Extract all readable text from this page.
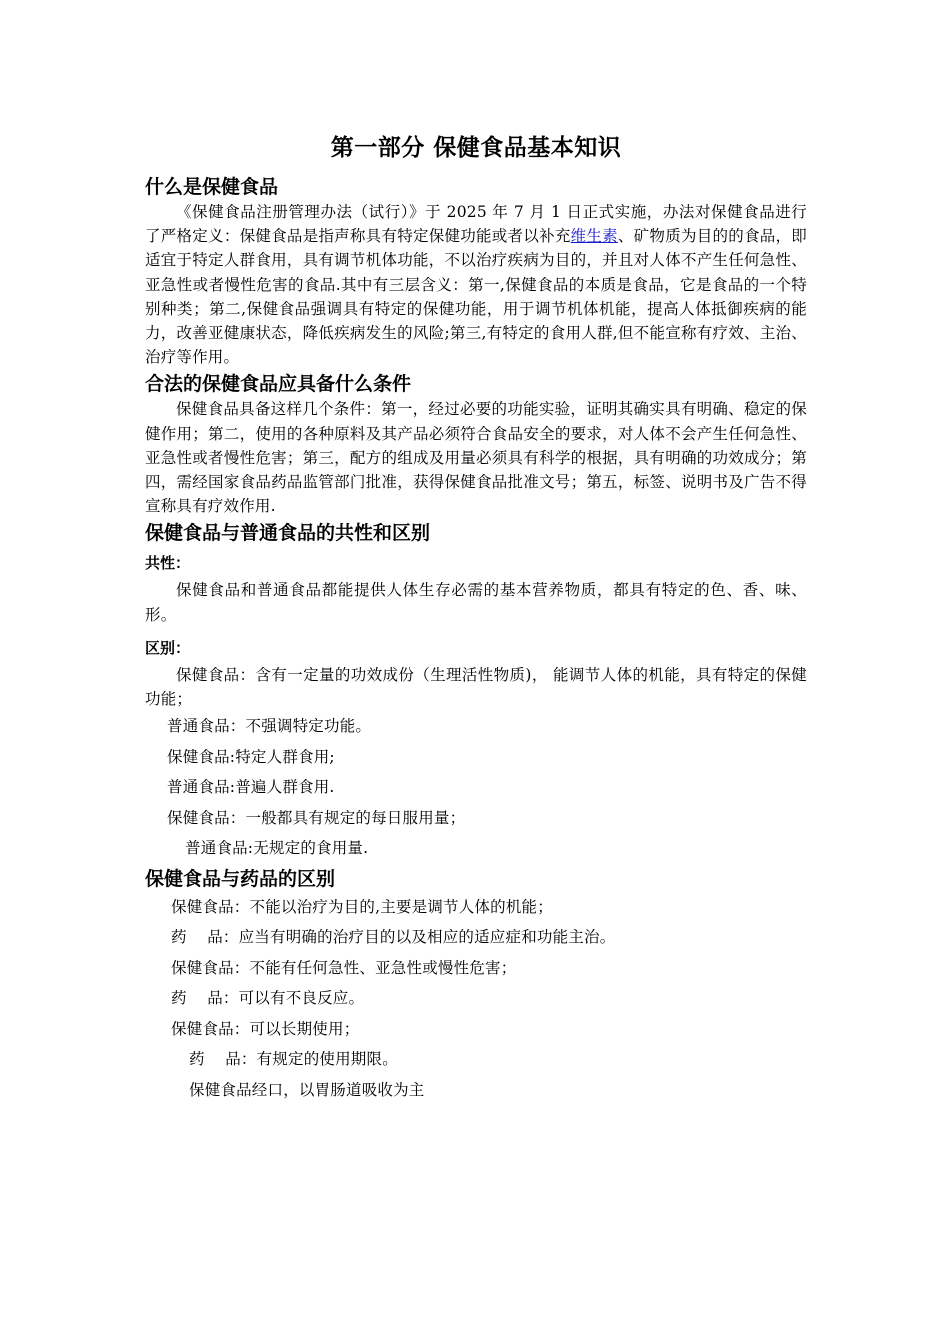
第一部分 保健食品基本知识
什么是保健食品

《保健食品注册管理办法（试行）》于 2025 年 7 月 1 日正式实施，办法对保健食品进行了严格定义：保健食品是指声称具有特定保健功能或者以补充维生素、矿物质为目的的食品，即适宜于特定人群食用，具有调节机体功能，不以治疗疾病为目的，并且对人体不产生任何急性、亚急性或者慢性危害的食品.其中有三层含义：第一,保健食品的本质是食品，它是食品的一个特别种类；第二,保健食品强调具有特定的保健功能，用于调节机体机能，提高人体抵御疾病的能力，改善亚健康状态，降低疾病发生的风险;第三,有特定的食用人群,但不能宣称有疗效、主治、治疗等作用。

合法的保健食品应具备什么条件

保健食品具备这样几个条件：第一，经过必要的功能实验，证明其确实具有明确、稳定的保健作用；第二，使用的各种原料及其产品必须符合食品安全的要求，对人体不会产生任何急性、亚急性或者慢性危害；第三，配方的组成及用量必须具有科学的根据，具有明确的功效成分；第四，需经国家食品药品监管部门批准，获得保健食品批准文号；第五，标签、说明书及广告不得宣称具有疗效作用.

保健食品与普通食品的共性和区别
共性：

保健食品和普通食品都能提供人体生存必需的基本营养物质，都具有特定的色、香、味、形。

区别：

保健食品：含有一定量的功效成份（生理活性物质)， 能调节人体的机能，具有特定的保健功能；

普通食品：不强调特定功能。

保健食品:特定人群食用;

普通食品:普遍人群食用.

保健食品：一般都具有规定的每日服用量；

普通食品:无规定的食用量.

保健食品与药品的区别

保健食品：不能以治疗为目的,主要是调节人体的机能；

药    品：应当有明确的治疗目的以及相应的适应症和功能主治。

保健食品：不能有任何急性、亚急性或慢性危害；

药    品：可以有不良反应。

保健食品：可以长期使用；

药    品：有规定的使用期限。

保健食品经口，以胃肠道吸收为主
